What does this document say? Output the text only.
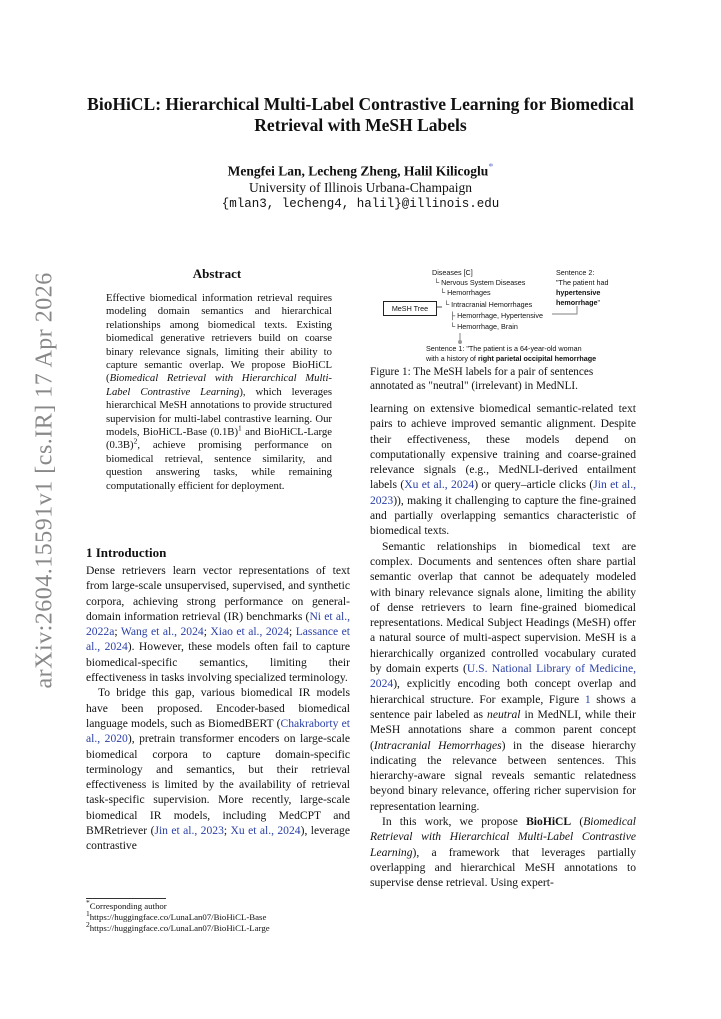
arXiv:2604.15591v1 [cs.IR] 17 Apr 2026
BioHiCL: Hierarchical Multi-Label Contrastive Learning for Biomedical
Retrieval with MeSH Labels
Mengfei Lan, Lecheng Zheng, Halil Kilicoglu*
University of Illinois Urbana-Champaign
{mlan3, lecheng4, halil}@illinois.edu
Abstract

Effective biomedical information retrieval requires modeling domain semantics and hierarchical relationships among biomedical texts. Existing biomedical generative retrievers build on coarse binary relevance signals, limiting their ability to capture semantic overlap. We propose BioHiCL (Biomedical Retrieval with Hierarchical Multi-Label Contrastive Learning), which leverages hierarchical MeSH annotations to provide structured supervision for multi-label contrastive learning. Our models, BioHiCL-Base $(0.1B)^1$ and BioHiCL-Large $(0.3B)^2$, achieve promising performance on biomedical retrieval, sentence similarity, and question answering tasks, while remaining computationally efficient for deployment.

1 Introduction

Dense retrievers learn vector representations of text from large-scale unsupervised, supervised, and synthetic corpora, achieving strong performance on general-domain information retrieval (IR) benchmarks (Ni et al., 2022a; Wang et al., 2024; Xiao et al., 2024; Lassance et al., 2024). However, these models often fail to capture biomedical-specific semantics, limiting their effectiveness in tasks involving specialized terminology.

To bridge this gap, various biomedical IR models have been proposed. Encoder-based biomedical language models, such as BiomedBERT (Chakraborty et al., 2020), pretrain transformer encoders on large-scale biomedical corpora to capture domain-specific terminology and semantics, but their retrieval effectiveness is limited by the availability of retrieval task-specific supervision. More recently, large-scale biomedical IR models, including MedCPT and BMRetriever (Jin et al., 2023; Xu et al., 2024), leverage contrastive

*Corresponding author
$^1$https://huggingface.co/LunaLan07/BioHiCL-Base
$^2$https://huggingface.co/LunaLan07/BioHiCL-Large
Diseases [C]
└ Nervous System Diseases
└ Hemorrhages
└ Intracranial Hemorrhages
├ Hemorrhage, Hypertensive
└ Hemorrhage, Brain
MeSH Tree
Sentence 2:
"The patient had
hypertensive
hemorrhage"
Sentence 1: "The patient is a 64-year-old woman
with a history of right parietal occipital hemorrhage
Figure 1: The MeSH labels for a pair of sentences annotated as "neutral" (irrelevant) in MedNLI.

learning on extensive biomedical semantic-related text pairs to achieve improved semantic alignment. Despite their effectiveness, these models depend on computationally expensive training and coarse-grained relevance signals (e.g., MedNLI-derived entailment labels (Xu et al., 2024) or query–article clicks (Jin et al., 2023)), making it challenging to capture the fine-grained and partially overlapping semantics characteristic of biomedical texts.

Semantic relationships in biomedical text are complex. Documents and sentences often share partial semantic overlap that cannot be adequately modeled with binary relevance signals alone, limiting the ability of dense retrievers to learn fine-grained biomedical representations. Medical Subject Headings (MeSH) offer a natural source of multi-aspect supervision. MeSH is a hierarchically organized controlled vocabulary curated by domain experts (U.S. National Library of Medicine, 2024), explicitly encoding both concept overlap and hierarchical structure. For example, Figure 1 shows a sentence pair labeled as neutral in MedNLI, while their MeSH annotations share a common parent concept (Intracranial Hemorrhages) in the disease hierarchy indicating the relevance between sentences. This hierarchy-aware signal reveals semantic relatedness beyond binary relevance, offering richer supervision for representation learning.

In this work, we propose BioHiCL (Biomedical Retrieval with Hierarchical Multi-Label Contrastive Learning), a framework that leverages partially overlapping and hierarchical MeSH annotations to supervise dense retrieval. Using expert-
